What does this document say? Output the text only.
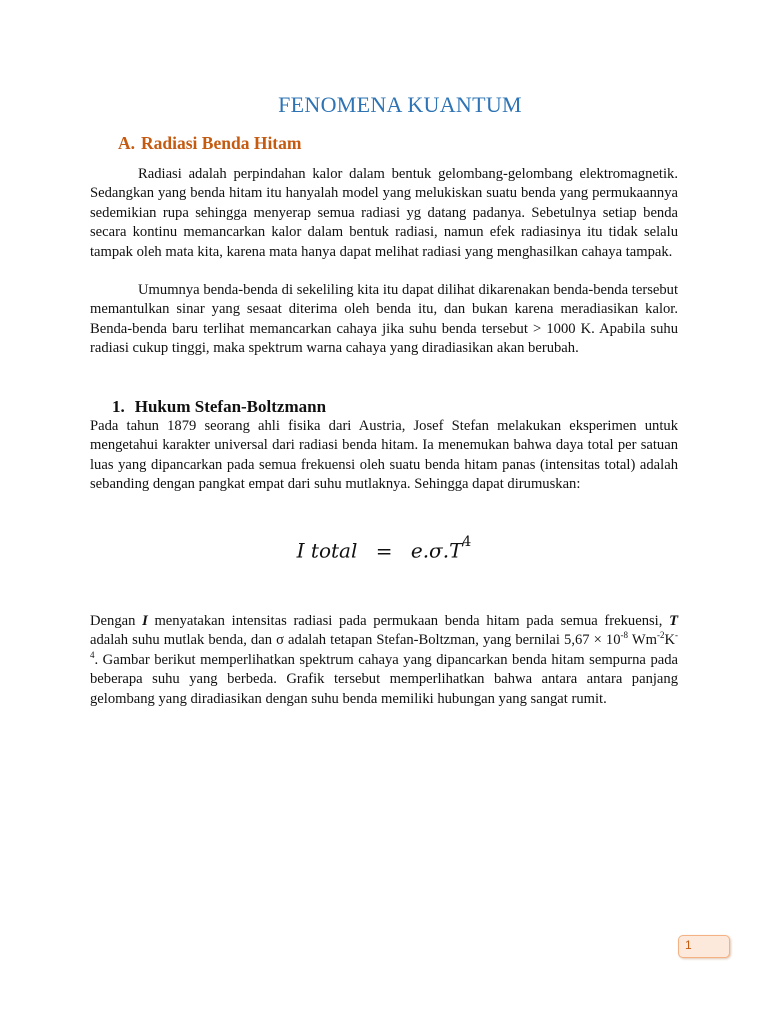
FENOMENA KUANTUM
A. Radiasi Benda Hitam

Radiasi adalah perpindahan kalor dalam bentuk gelombang-gelombang elektromagnetik. Sedangkan yang benda hitam itu hanyalah model yang melukiskan suatu benda yang permukaannya sedemikian rupa sehingga menyerap semua radiasi yg datang padanya. Sebetulnya setiap benda secara kontinu memancarkan kalor dalam bentuk radiasi, namun efek radiasinya itu tidak selalu tampak oleh mata kita, karena mata hanya dapat melihat radiasi yang menghasilkan cahaya tampak.

Umumnya benda-benda di sekeliling kita itu dapat dilihat dikarenakan benda-benda tersebut memantulkan sinar yang sesaat diterima oleh benda itu, dan bukan karena meradiasikan kalor. Benda-benda baru terlihat memancarkan cahaya jika suhu benda tersebut > 1000 K. Apabila suhu radiasi cukup tinggi, maka spektrum warna cahaya yang diradiasikan akan berubah.

1. Hukum Stefan-Boltzmann

Pada tahun 1879 seorang ahli fisika dari Austria, Josef Stefan melakukan eksperimen untuk mengetahui karakter universal dari radiasi benda hitam. Ia menemukan bahwa daya total per satuan luas yang dipancarkan pada semua frekuensi oleh suatu benda hitam panas (intensitas total) adalah sebanding dengan pangkat empat dari suhu mutlaknya. Sehingga dapat dirumuskan:

I total = $e.\sigma.T^4$

Dengan I menyatakan intensitas radiasi pada permukaan benda hitam pada semua frekuensi, T adalah suhu mutlak benda, dan σ adalah tetapan Stefan-Boltzman, yang bernilai $5,67 \times 10^{-8}$ $Wm^{-2}K^{-4}$. Gambar berikut memperlihatkan spektrum cahaya yang dipancarkan benda hitam sempurna pada beberapa suhu yang berbeda. Grafik tersebut memperlihatkan bahwa antara antara panjang gelombang yang diradiasikan dengan suhu benda memiliki hubungan yang sangat rumit.

1
